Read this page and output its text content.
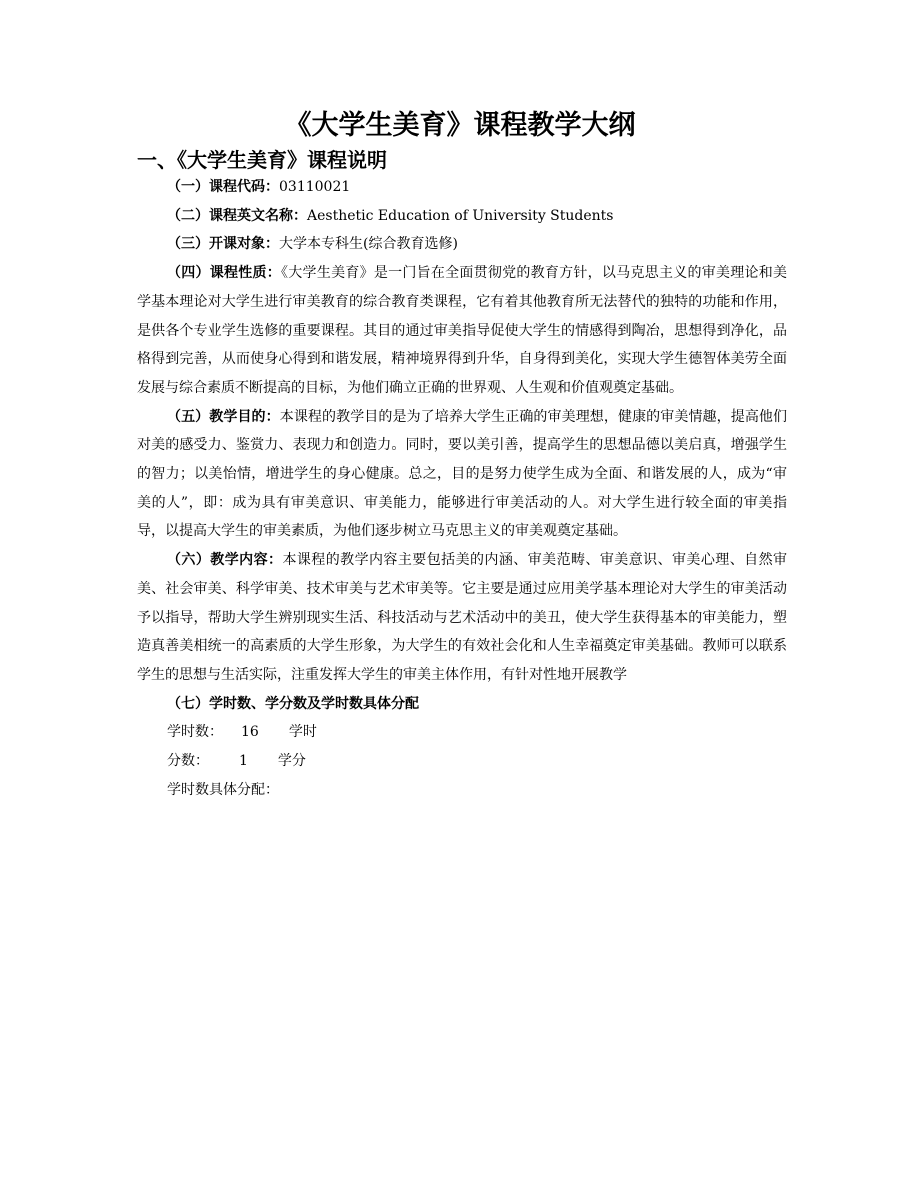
《大学生美育》课程教学大纲
一、《大学生美育》课程说明

（一）课程代码：03110021

（二）课程英文名称：Aesthetic Education of University Students

（三）开课对象：大学本专科生(综合教育选修)

（四）课程性质：《大学生美育》是一门旨在全面贯彻党的教育方针，以马克思主义的审美理论和美学基本理论对大学生进行审美教育的综合教育类课程，它有着其他教育所无法替代的独特的功能和作用，是供各个专业学生选修的重要课程。其目的通过审美指导促使大学生的情感得到陶冶，思想得到净化，品格得到完善，从而使身心得到和谐发展，精神境界得到升华，自身得到美化，实现大学生德智体美劳全面发展与综合素质不断提高的目标，为他们确立正确的世界观、人生观和价值观奠定基础。

（五）教学目的：本课程的教学目的是为了培养大学生正确的审美理想，健康的审美情趣，提高他们对美的感受力、鉴赏力、表现力和创造力。同时，要以美引善，提高学生的思想品德以美启真，增强学生的智力；以美怡情，增进学生的身心健康。总之，目的是努力使学生成为全面、和谐发展的人，成为“审美的人”，即：成为具有审美意识、审美能力，能够进行审美活动的人。对大学生进行较全面的审美指导，以提高大学生的审美素质，为他们逐步树立马克思主义的审美观奠定基础。

（六）教学内容：本课程的教学内容主要包括美的内涵、审美范畴、审美意识、审美心理、自然审美、社会审美、科学审美、技术审美与艺术审美等。它主要是通过应用美学基本理论对大学生的审美活动予以指导，帮助大学生辨别现实生活、科技活动与艺术活动中的美丑，使大学生获得基本的审美能力，塑造真善美相统一的高素质的大学生形象，为大学生的有效社会化和人生幸福奠定审美基础。教师可以联系学生的思想与生活实际，注重发挥大学生的审美主体作用，有针对性地开展教学

（七）学时数、学分数及学时数具体分配

学时数： 16 学时

分数： 1 学分

学时数具体分配：
